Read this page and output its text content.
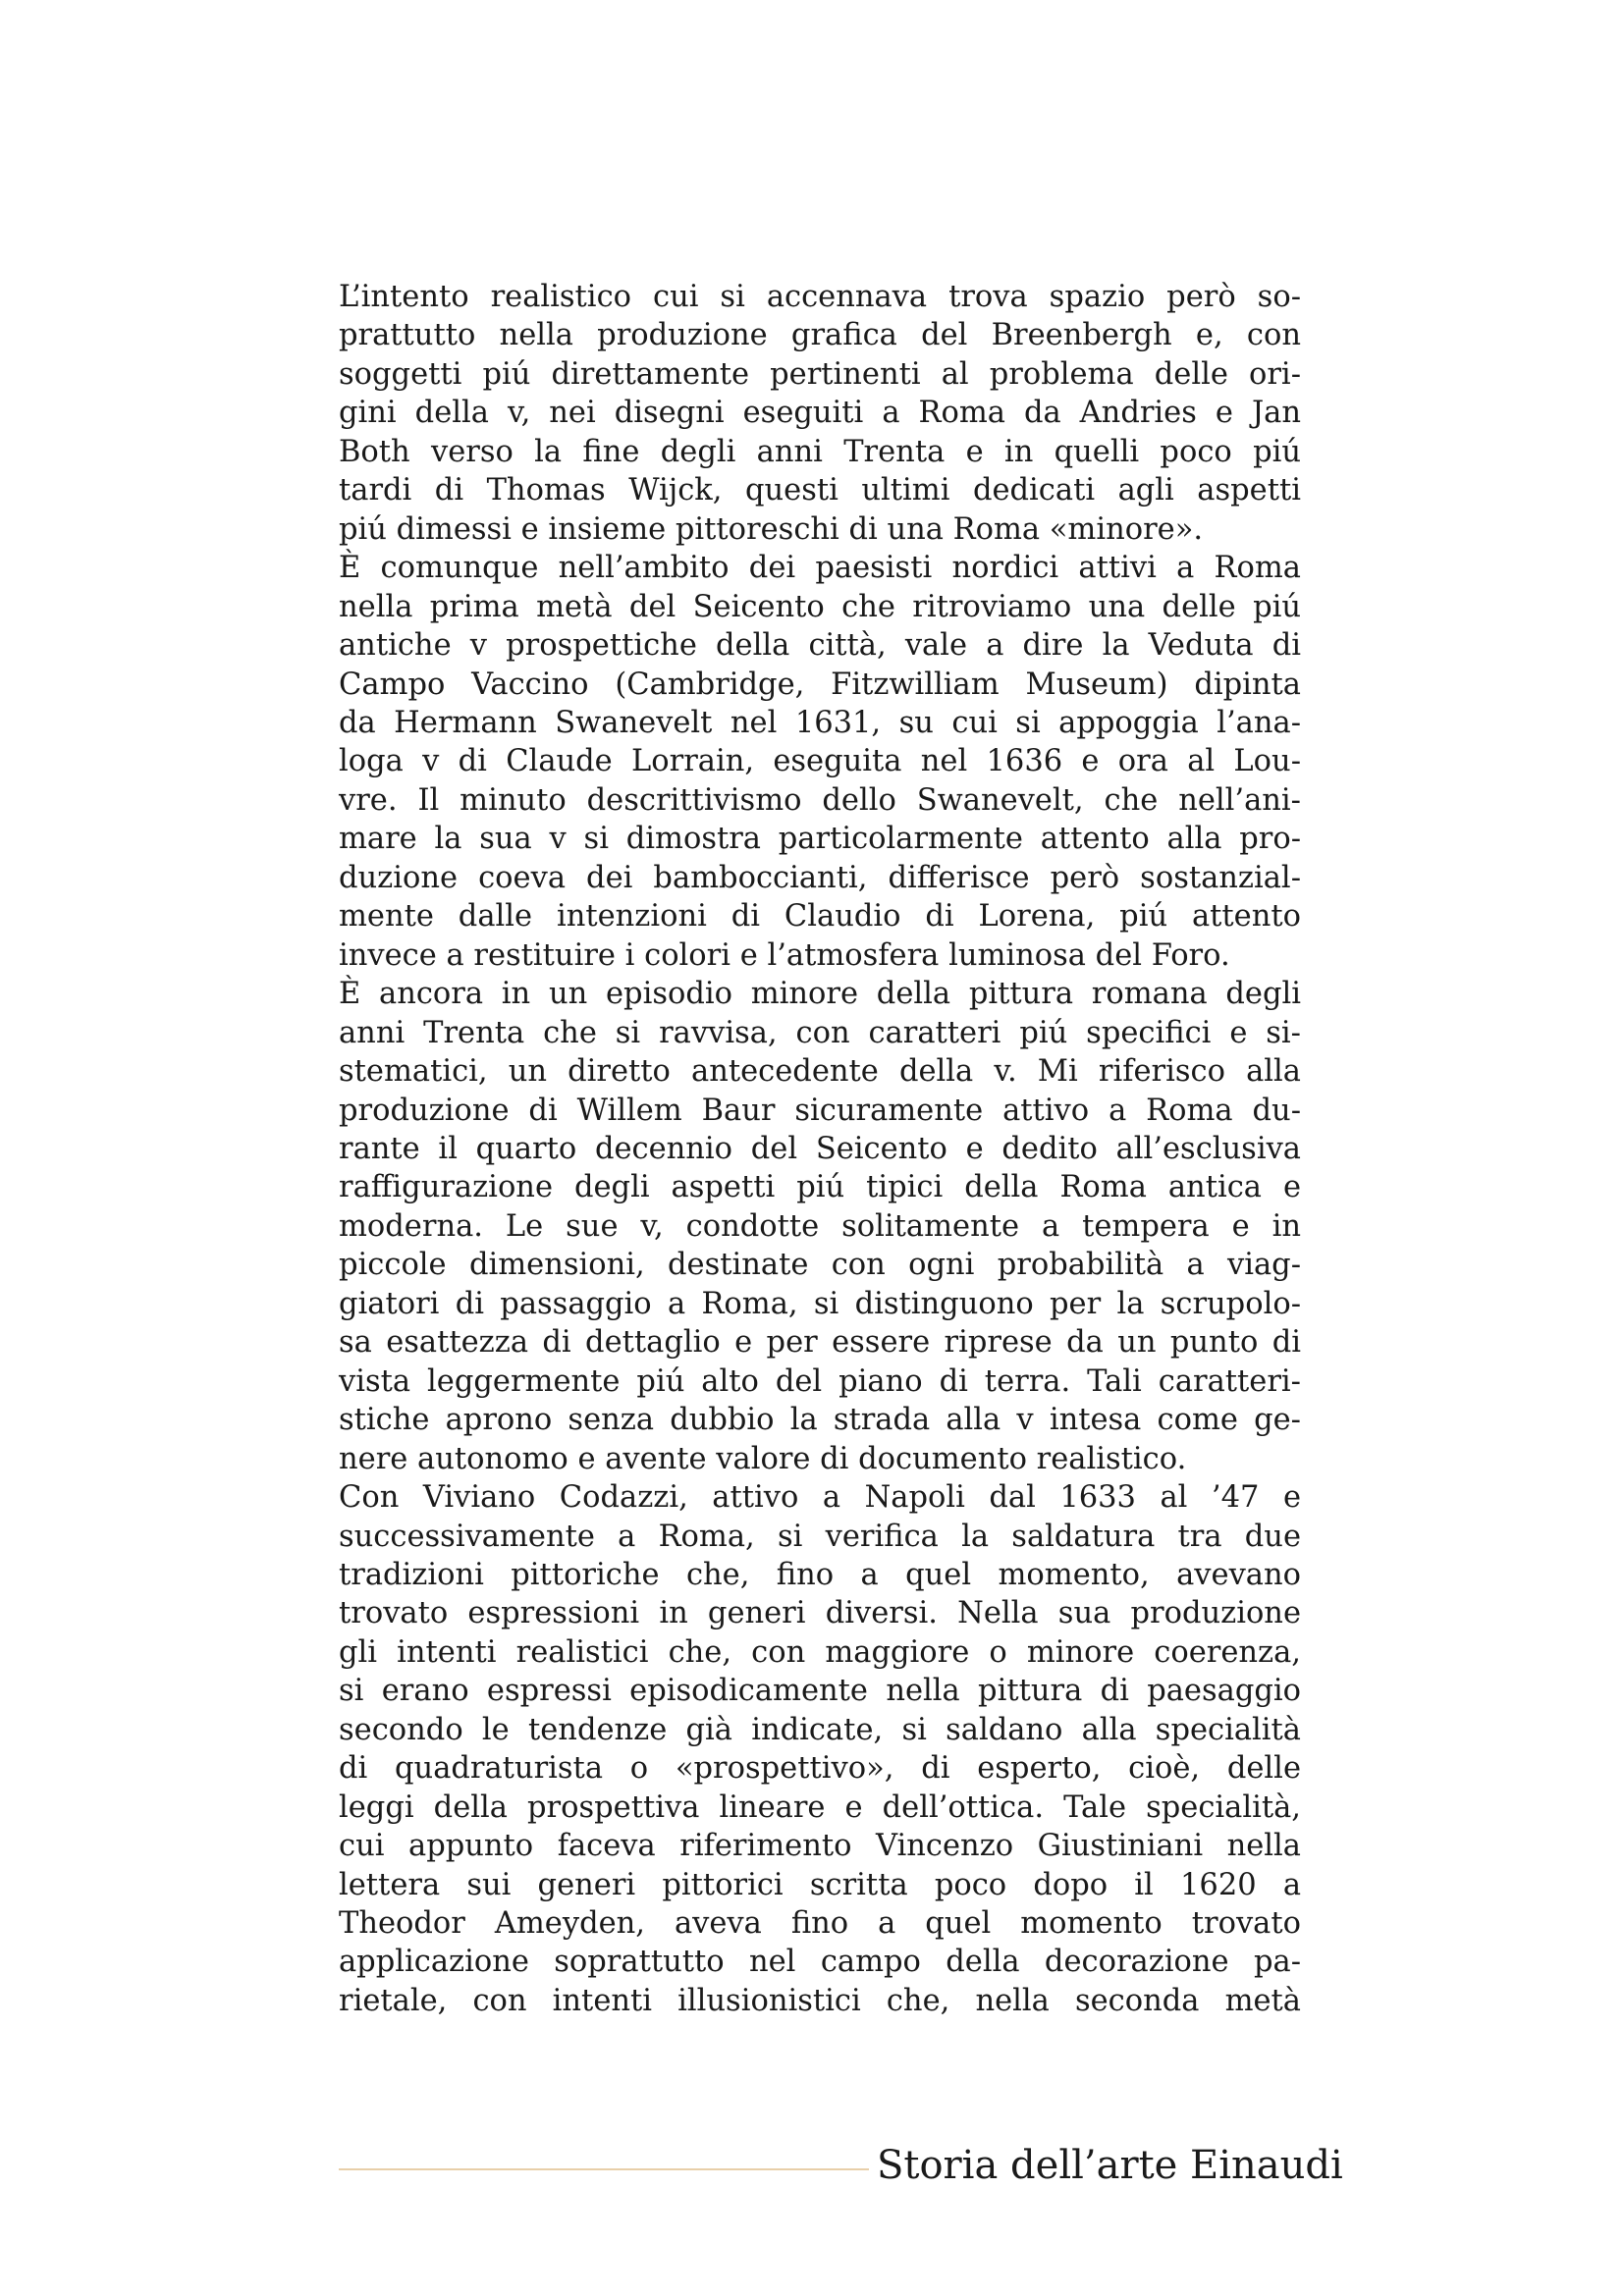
L’intento realistico cui si accennava trova spazio però so-
prattutto nella produzione grafica del Breenbergh e, con
soggetti piú direttamente pertinenti al problema delle ori-
gini della v, nei disegni eseguiti a Roma da Andries e Jan
Both verso la fine degli anni Trenta e in quelli poco piú
tardi di Thomas Wijck, questi ultimi dedicati agli aspetti
piú dimessi e insieme pittoreschi di una Roma «minore».
È comunque nell’ambito dei paesisti nordici attivi a Roma
nella prima metà del Seicento che ritroviamo una delle piú
antiche v prospettiche della città, vale a dire la Veduta di
Campo Vaccino (Cambridge, Fitzwilliam Museum) dipinta
da Hermann Swanevelt nel 1631, su cui si appoggia l’ana-
loga v di Claude Lorrain, eseguita nel 1636 e ora al Lou-
vre. Il minuto descrittivismo dello Swanevelt, che nell’ani-
mare la sua v si dimostra particolarmente attento alla pro-
duzione coeva dei bamboccianti, differisce però sostanzial-
mente dalle intenzioni di Claudio di Lorena, piú attento
invece a restituire i colori e l’atmosfera luminosa del Foro.
È ancora in un episodio minore della pittura romana degli
anni Trenta che si ravvisa, con caratteri piú specifici e si-
stematici, un diretto antecedente della v. Mi riferisco alla
produzione di Willem Baur sicuramente attivo a Roma du-
rante il quarto decennio del Seicento e dedito all’esclusiva
raffigurazione degli aspetti piú tipici della Roma antica e
moderna. Le sue v, condotte solitamente a tempera e in
piccole dimensioni, destinate con ogni probabilità a viag-
giatori di passaggio a Roma, si distinguono per la scrupolo-
sa esattezza di dettaglio e per essere riprese da un punto di
vista leggermente piú alto del piano di terra. Tali caratteri-
stiche aprono senza dubbio la strada alla v intesa come ge-
nere autonomo e avente valore di documento realistico.
Con Viviano Codazzi, attivo a Napoli dal 1633 al ’47 e
successivamente a Roma, si verifica la saldatura tra due
tradizioni pittoriche che, fino a quel momento, avevano
trovato espressioni in generi diversi. Nella sua produzione
gli intenti realistici che, con maggiore o minore coerenza,
si erano espressi episodicamente nella pittura di paesaggio
secondo le tendenze già indicate, si saldano alla specialità
di quadraturista o «prospettivo», di esperto, cioè, delle
leggi della prospettiva lineare e dell’ottica. Tale specialità,
cui appunto faceva riferimento Vincenzo Giustiniani nella
lettera sui generi pittorici scritta poco dopo il 1620 a
Theodor Ameyden, aveva fino a quel momento trovato
applicazione soprattutto nel campo della decorazione pa-
rietale, con intenti illusionistici che, nella seconda metà
Storia dell’arte Einaudi
